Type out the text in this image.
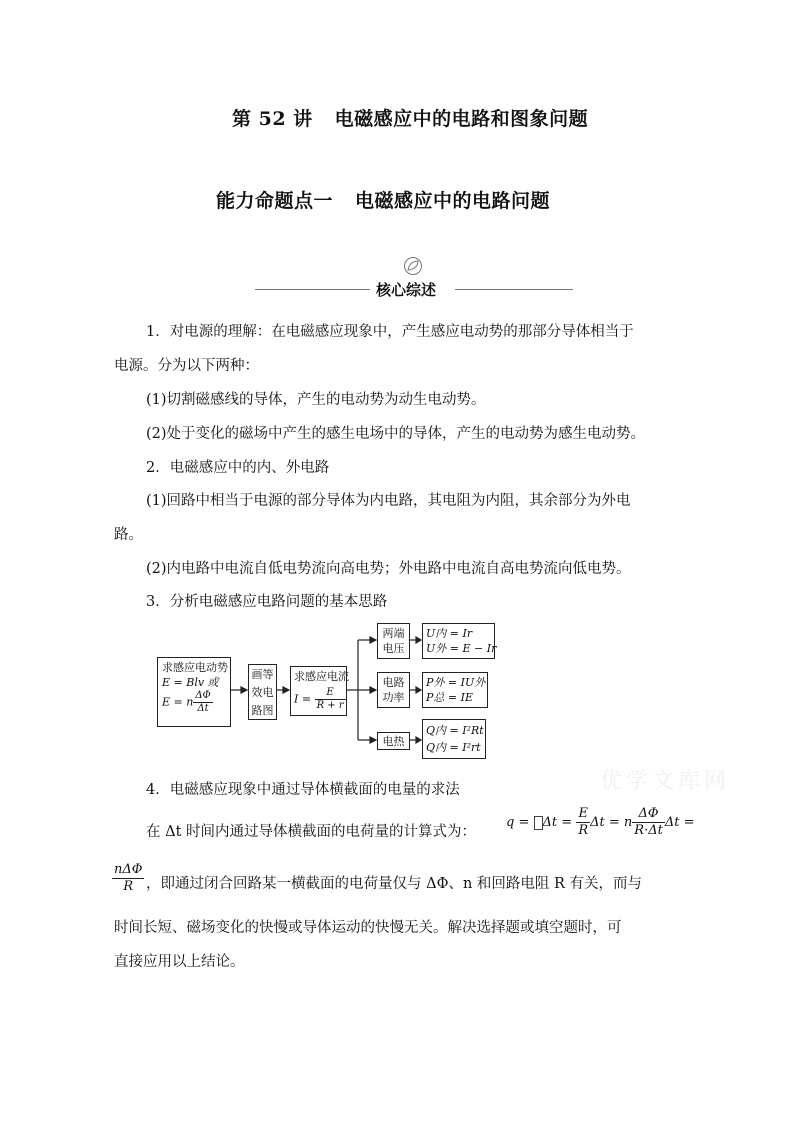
第 52 讲 电磁感应中的电路和图象问题
能力命题点一 电磁感应中的电路问题
核心综述
1．对电源的理解：在电磁感应现象中，产生感应电动势的那部分导体相当于
电源。分为以下两种：
(1)切割磁感线的导体，产生的电动势为动生电动势。
(2)处于变化的磁场中产生的感生电场中的导体，产生的电动势为感生电动势。
2．电磁感应中的内、外电路
(1)回路中相当于电源的部分导体为内电路，其电阻为内阻，其余部分为外电
路。
(2)内电路中电流自低电势流向高电势；外电路中电流自高电势流向低电势。
3．分析电磁感应电路问题的基本思路
求感应电动势
E = Blv 或
E = n $\frac{\Delta\Phi}{\Delta t}$
画等
效电
路图
求感应电流
$I = \frac{E}{R + r}$
两端
电压
U内 = Ir
U外 = E − Ir
电路
功率
P外 = IU外
P总 = IE
电热
Q内 = I²Rt
Q内 = I²rt
优学文库网
4．电磁感应现象中通过导体横截面的电量的求法
在 Δt 时间内通过导体横截面的电荷量的计算式为：
$q = \Delta t = \frac{E}{R}$ Δt = n $\frac{\Delta\Phi}{R\cdot\Delta t}$ Δt =
nΔΦ
R ，即通过闭合回路某一横截面的电荷量仅与 ΔΦ、n 和回路电阻 R 有关，而与
时间长短、磁场变化的快慢或导体运动的快慢无关。解决选择题或填空题时，可
直接应用以上结论。
